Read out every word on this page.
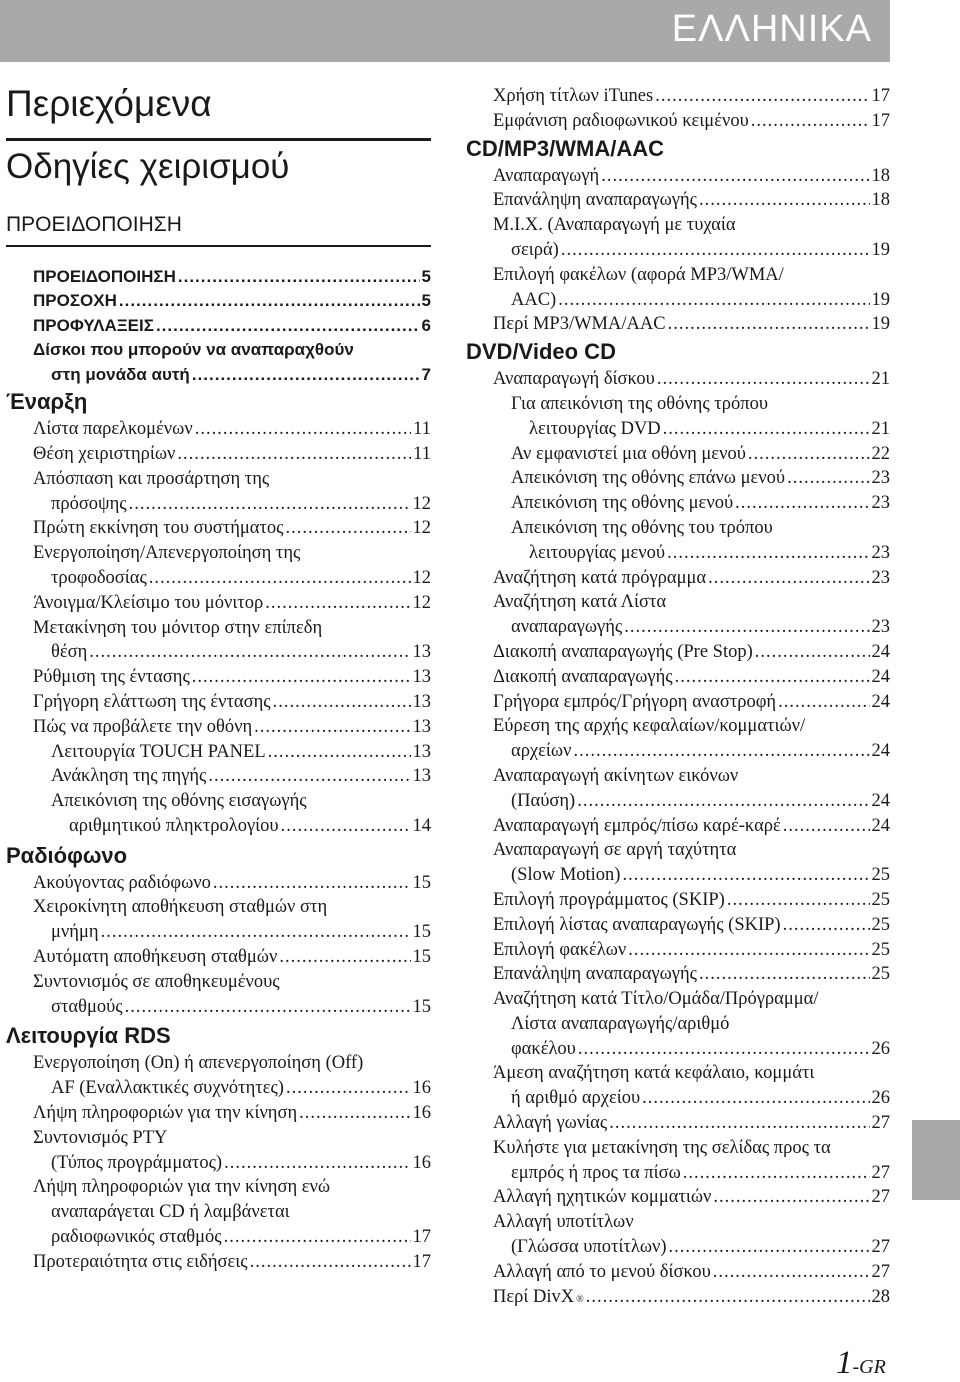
ΕΛΛΗΝΙΚΑ
Περιεχόμενα
Οδηγίες χειρισμού
ΠΡΟΕΙΔΟΠΟΙΗΣΗ
ΠΡΟΕΙΔΟΠΟΙΗΣΗ .....	5
ΠΡΟΣΟΧΗ .....	5
ΠΡΟΦΥΛΑΞΕΙΣ .....	6
Δίσκοι που μπορούν να αναπαραχθούν
στη μονάδα αυτή .....	7
Έναρξη
Λίστα παρελκομένων .....	11
Θέση χειριστηρίων .....	11
Απόσπαση και προσάρτηση της
πρόσοψης .....	12
Πρώτη εκκίνηση του συστήματος .....	12
Ενεργοποίηση/Απενεργοποίηση της
τροφοδοσίας .....	12
Άνοιγμα/Κλείσιμο του μόνιτορ .....	12
Μετακίνηση του μόνιτορ στην επίπεδη
θέση .....	13
Ρύθμιση της έντασης .....	13
Γρήγορη ελάττωση της έντασης .....	13
Πώς να προβάλετε την οθόνη .....	13
Λειτουργία TOUCH PANEL .....	13
Ανάκληση της πηγής .....	13
Απεικόνιση της οθόνης εισαγωγής
αριθμητικού πληκτρολογίου .....	14
Ραδιόφωνο
Ακούγοντας ραδιόφωνο .....	15
Χειροκίνητη αποθήκευση σταθμών στη
μνήμη .....	15
Αυτόματη αποθήκευση σταθμών .....	15
Συντονισμός σε αποθηκευμένους
σταθμούς .....	15
Λειτουργία RDS
Ενεργοποίηση (On) ή απενεργοποίηση (Off)
AF (Εναλλακτικές συχνότητες) .....	16
Λήψη πληροφοριών για την κίνηση .....	16
Συντονισμός PTY
(Τύπος προγράμματος) .....	16
Λήψη πληροφοριών για την κίνηση ενώ
αναπαράγεται CD ή λαμβάνεται
ραδιοφωνικός σταθμός .....	17
Προτεραιότητα στις ειδήσεις .....	17
Χρήση τίτλων iTunes .....	17
Εμφάνιση ραδιοφωνικού κειμένου .....	17
CD/MP3/WMA/AAC
Αναπαραγωγή .....	18
Επανάληψη αναπαραγωγής .....	18
M.I.X. (Αναπαραγωγή με τυχαία
σειρά) .....	19
Επιλογή φακέλων (αφορά MP3/WMA/
AAC) .....	19
Περί MP3/WMA/AAC .....	19
DVD/Video CD
Αναπαραγωγή δίσκου .....	21
Για απεικόνιση της οθόνης τρόπου
λειτουργίας DVD .....	21
Αν εμφανιστεί μια οθόνη μενού .....	22
Απεικόνιση της οθόνης επάνω μενού .....	23
Απεικόνιση της οθόνης μενού .....	23
Απεικόνιση της οθόνης του τρόπου
λειτουργίας μενού .....	23
Αναζήτηση κατά πρόγραμμα .....	23
Αναζήτηση κατά Λίστα
αναπαραγωγής .....	23
Διακοπή αναπαραγωγής (Pre Stop) .....	24
Διακοπή αναπαραγωγής .....	24
Γρήγορα εμπρός/Γρήγορη αναστροφή .....	24
Εύρεση της αρχής κεφαλαίων/κομματιών/
αρχείων .....	24
Αναπαραγωγή ακίνητων εικόνων
(Παύση) .....	24
Αναπαραγωγή εμπρός/πίσω καρέ-καρέ .....	24
Αναπαραγωγή σε αργή ταχύτητα
(Slow Motion) .....	25
Επιλογή προγράμματος (SKIP) .....	25
Επιλογή λίστας αναπαραγωγής (SKIP) .....	25
Επιλογή φακέλων .....	25
Επανάληψη αναπαραγωγής .....	25
Αναζήτηση κατά Τίτλο/Ομάδα/Πρόγραμμα/
Λίστα αναπαραγωγής/αριθμό
φακέλου .....	26
Άμεση αναζήτηση κατά κεφάλαιο, κομμάτι
ή αριθμό αρχείου .....	26
Αλλαγή γωνίας .....	27
Κυλήστε για μετακίνηση της σελίδας προς τα
εμπρός ή προς τα πίσω .....	27
Αλλαγή ηχητικών κομματιών .....	27
Αλλαγή υποτίτλων
(Γλώσσα υποτίτλων) .....	27
Αλλαγή από το μενού δίσκου .....	27
Περί DivX ® .....	28
1-GR
